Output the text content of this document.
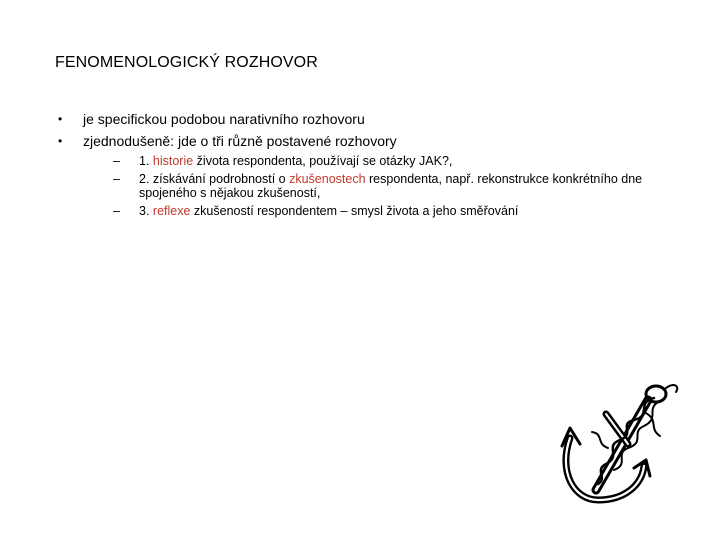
FENOMENOLOGICKÝ ROZHOVOR
• je specifickou podobou narativního rozhovoru
• zjednodušeně: jde o tři různě postavené rozhovory
– 1. historie života respondenta, používají se otázky JAK?,
– 2. získávání podrobností o zkušenostech respondenta, např. rekonstrukce konkrétního dne spojeného s nějakou zkušeností,
– 3. reflexe zkušeností respondentem – smysl života a jeho směřování
